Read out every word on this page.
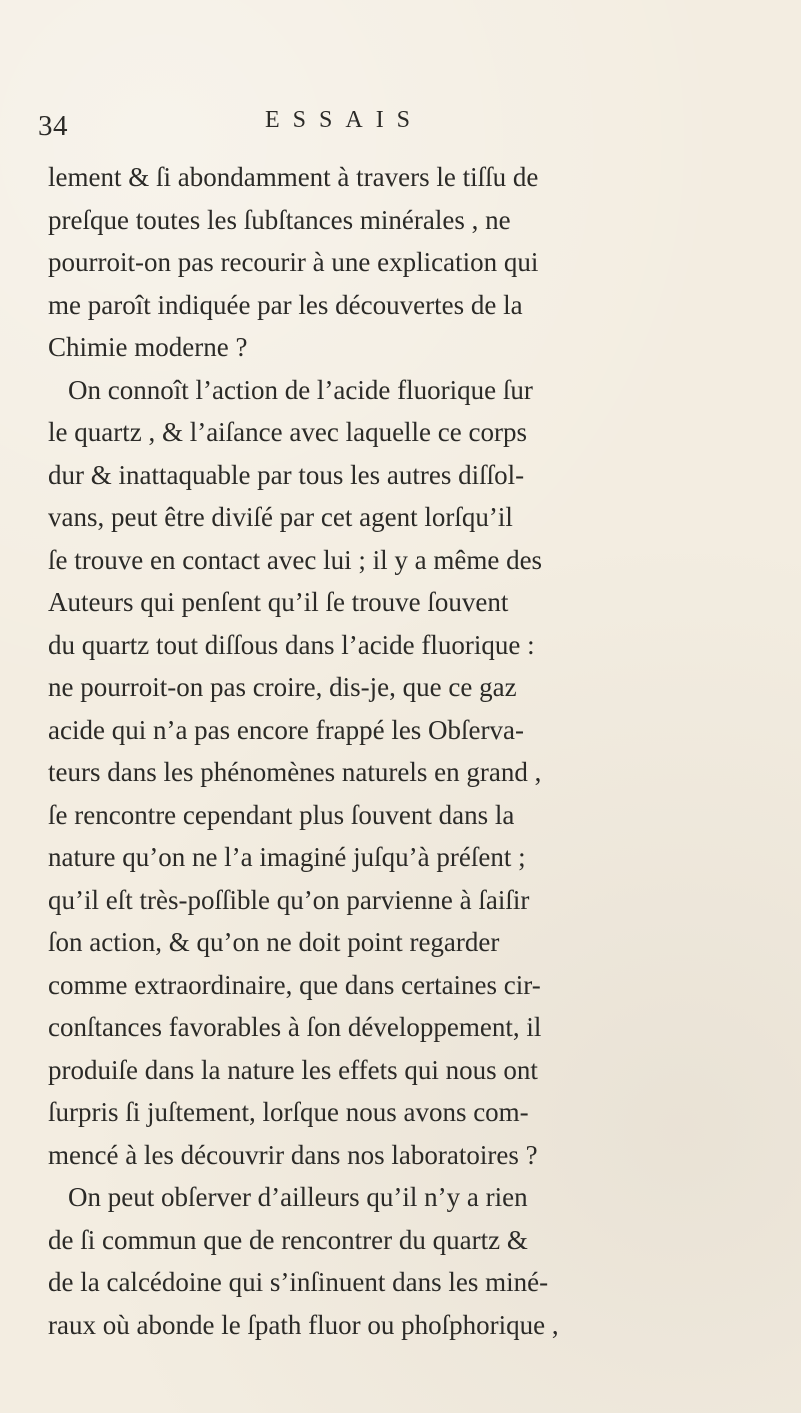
34	ESSAIS
lement & ſi abondamment à travers le tiſſu de
preſque toutes les ſubſtances minérales , ne
pourroit-on pas recourir à une explication qui
me paroît indiquée par les découvertes de la
Chimie moderne ?
On connoît l’action de l’acide fluorique ſur
le quartz , & l’aiſance avec laquelle ce corps
dur & inattaquable par tous les autres diſſol-
vans, peut être diviſé par cet agent lorſqu’il
ſe trouve en contact avec lui ; il y a même des
Auteurs qui penſent qu’il ſe trouve ſouvent
du quartz tout diſſous dans l’acide fluorique :
ne pourroit-on pas croire, dis-je, que ce gaz
acide qui n’a pas encore frappé les Obſerva-
teurs dans les phénomènes naturels en grand ,
ſe rencontre cependant plus ſouvent dans la
nature qu’on ne l’a imaginé juſqu’à préſent ;
qu’il eſt très-poſſible qu’on parvienne à ſaiſir
ſon action, & qu’on ne doit point regarder
comme extraordinaire, que dans certaines cir-
conſtances favorables à ſon développement, il
produiſe dans la nature les effets qui nous ont
ſurpris ſi juſtement, lorſque nous avons com-
mencé à les découvrir dans nos laboratoires ?
On peut obſerver d’ailleurs qu’il n’y a rien
de ſi commun que de rencontrer du quartz &
de la calcédoine qui s’inſinuent dans les miné-
raux où abonde le ſpath fluor ou phoſphorique ,
